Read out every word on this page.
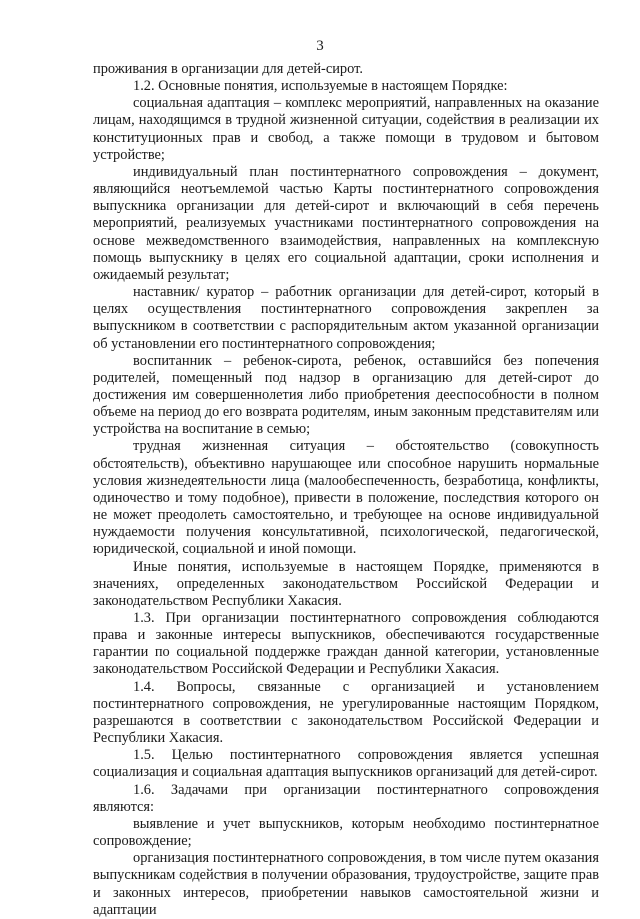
3

проживания в организации для детей-сирот.

1.2. Основные понятия, используемые в настоящем Порядке:

социальная адаптация – комплекс мероприятий, направленных на оказание лицам, находящимся в трудной жизненной ситуации, содействия в реализации их конституционных прав и свобод, а также помощи в трудовом и бытовом устройстве;

индивидуальный план постинтернатного сопровождения – документ, являющийся неотъемлемой частью Карты постинтернатного сопровождения выпускника организации для детей-сирот и включающий в себя перечень мероприятий, реализуемых участниками постинтернатного сопровождения на основе межведомственного взаимодействия, направленных на комплексную помощь выпускнику в целях его социальной адаптации, сроки исполнения и ожидаемый результат;

наставник/ куратор – работник организации для детей-сирот, который в целях осуществления постинтернатного сопровождения закреплен за выпускником в соответствии с распорядительным актом указанной организации об установлении его постинтернатного сопровождения;

воспитанник – ребенок-сирота, ребенок, оставшийся без попечения родителей, помещенный под надзор в организацию для детей-сирот до достижения им совершеннолетия либо приобретения дееспособности в полном объеме на период до его возврата родителям, иным законным представителям или устройства на воспитание в семью;

трудная жизненная ситуация – обстоятельство (совокупность обстоятельств), объективно нарушающее или способное нарушить нормальные условия жизнедеятельности лица (малообеспеченность, безработица, конфликты, одиночество и тому подобное), привести в положение, последствия которого он не может преодолеть самостоятельно, и требующее на основе индивидуальной нуждаемости получения консультативной, психологической, педагогической, юридической, социальной и иной помощи.

Иные понятия, используемые в настоящем Порядке, применяются в значениях, определенных законодательством Российской Федерации и законодательством Республики Хакасия.

1.3. При организации постинтернатного сопровождения соблюдаются права и законные интересы выпускников, обеспечиваются государственные гарантии по социальной поддержке граждан данной категории, установленные законодательством Российской Федерации и Республики Хакасия.

1.4. Вопросы, связанные с организацией и установлением постинтернатного сопровождения, не урегулированные настоящим Порядком, разрешаются в соответствии с законодательством Российской Федерации и Республики Хакасия.

1.5. Целью постинтернатного сопровождения является успешная социализация и социальная адаптация выпускников организаций для детей-сирот.

1.6. Задачами при организации постинтернатного сопровождения являются:

выявление и учет выпускников, которым необходимо постинтернатное сопровождение;

организация постинтернатного сопровождения, в том числе путем оказания выпускникам содействия в получении образования, трудоустройстве, защите прав и законных интересов, приобретении навыков самостоятельной жизни и адаптации
